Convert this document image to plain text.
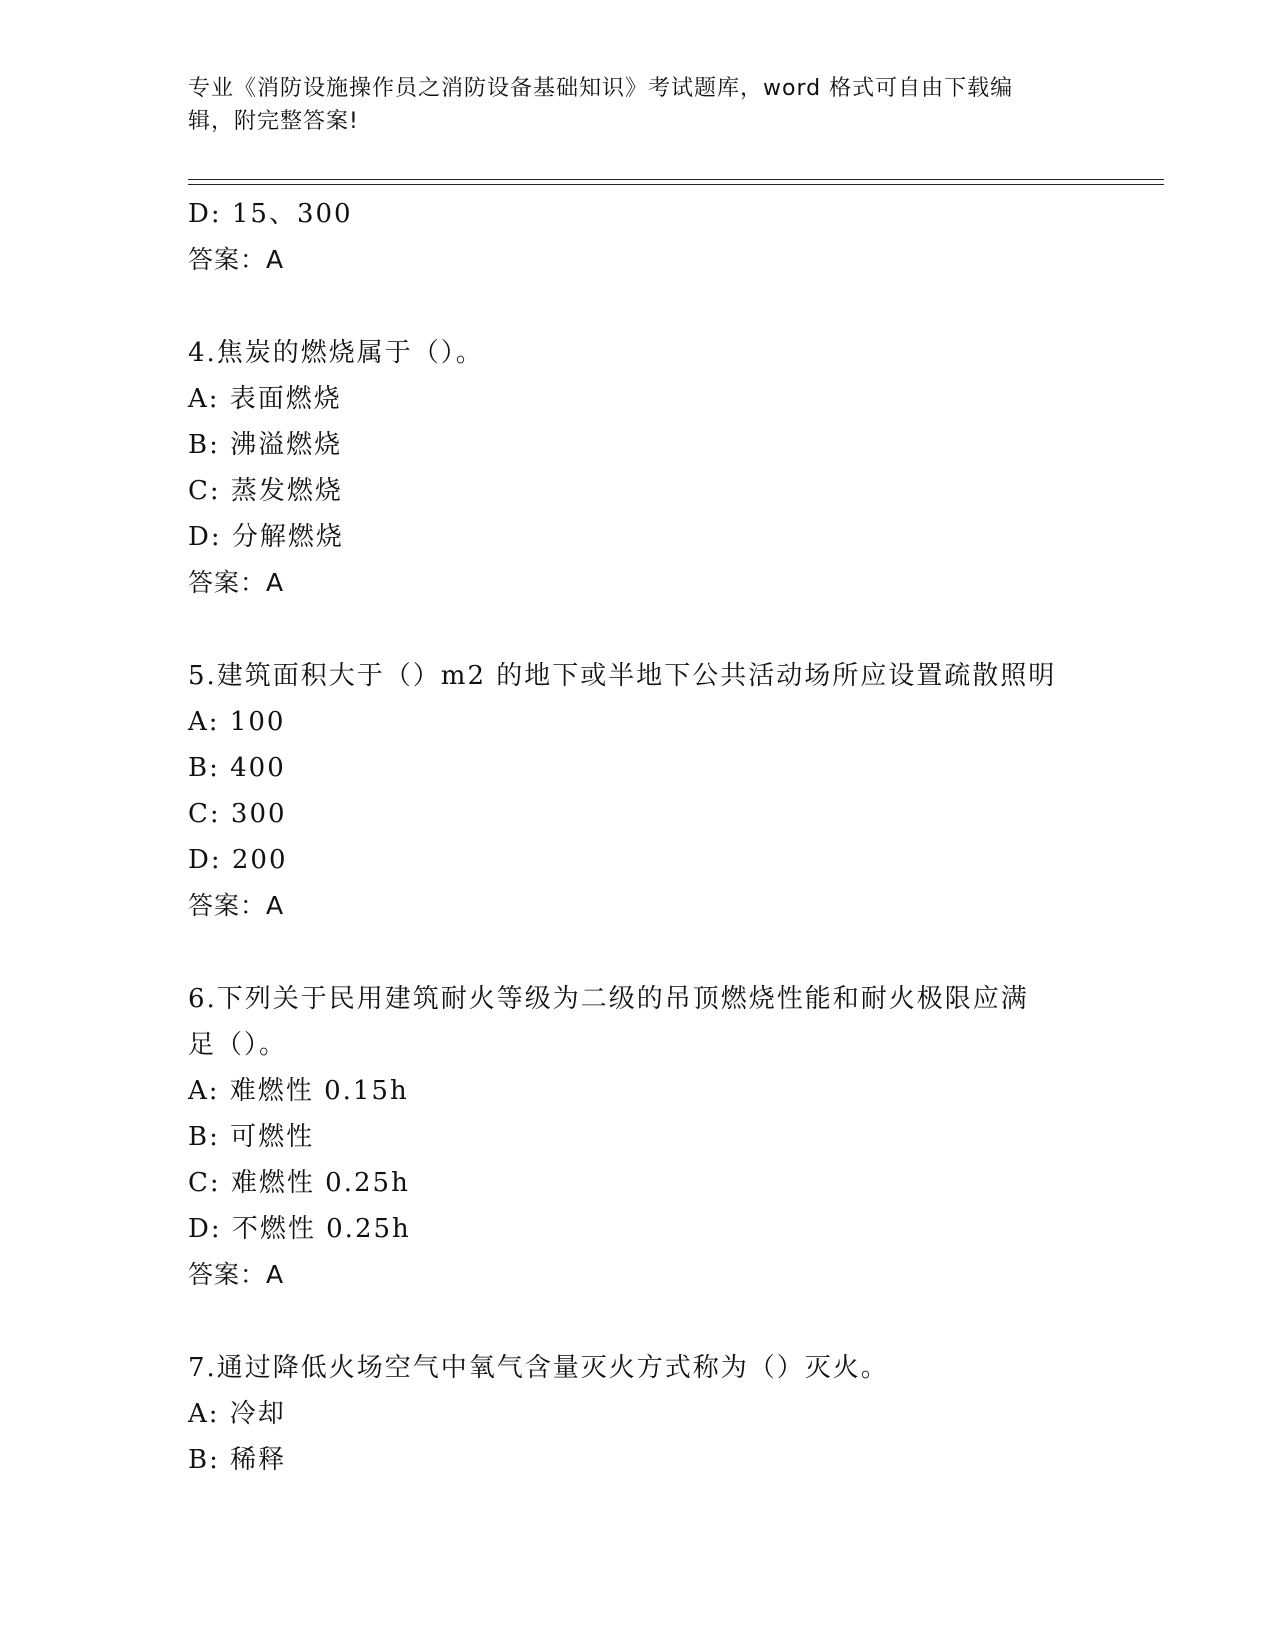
专业《消防设施操作员之消防设备基础知识》考试题库，word 格式可自由下载编
辑，附完整答案!
D: 15、300
答案：A
4.焦炭的燃烧属于（）。
A: 表面燃烧
B: 沸溢燃烧
C: 蒸发燃烧
D: 分解燃烧
答案：A
5.建筑面积大于（）m2 的地下或半地下公共活动场所应设置疏散照明
A: 100
B: 400
C: 300
D: 200
答案：A
6.下列关于民用建筑耐火等级为二级的吊顶燃烧性能和耐火极限应满
足（）。
A: 难燃性 0.15h
B: 可燃性
C: 难燃性 0.25h
D: 不燃性 0.25h
答案：A
7.通过降低火场空气中氧气含量灭火方式称为（）灭火。
A: 冷却
B: 稀释
